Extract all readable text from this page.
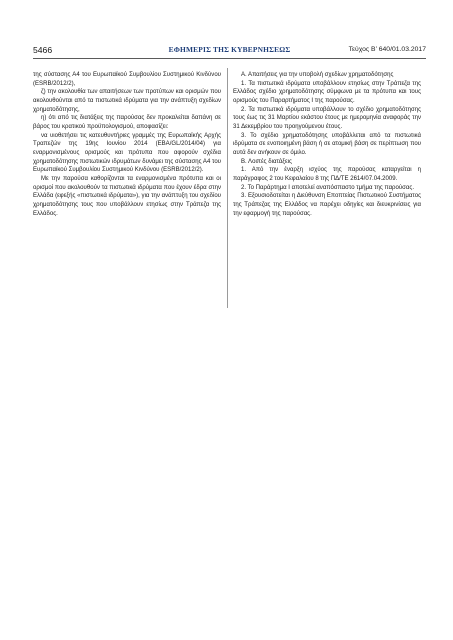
5466	ΕΦΗΜΕΡΙΣ ΤΗΣ ΚΥΒΕΡΝΗΣΕΩΣ	Τεύχος Β’ 640/01.03.2017

της σύστασης Α4 του Ευρωπαϊκού Συμβουλίου Συστημικού Κινδύνου (ESRB/2012/2),

ζ) την ακολουθία των απαιτήσεων των προτύπων και ορισμών που ακολουθούνται από τα πιστωτικά ιδρύματα για την ανάπτυξη σχεδίων χρηματοδότησης,

η) ότι από τις διατάξεις της παρούσας δεν προκαλείται δαπάνη σε βάρος του κρατικού προϋπολογισμού, αποφασίζει:

να υιοθετήσει τις κατευθυντήριες γραμμές της Ευρωπαϊκής Αρχής Τραπεζών της 19ης Ιουνίου 2014 (EBA/GL/2014/04) για εναρμονισμένους ορισμούς και πρότυπα που αφορούν σχέδια χρηματοδότησης πιστωτικών ιδρυμάτων δυνάμει της σύστασης Α4 του Ευρωπαϊκού Συμβουλίου Συστημικού Κινδύνου (ESRB/2012/2).

Με την παρούσα καθορίζονται τα εναρμονισμένα πρότυπα και οι ορισμοί που ακολουθούν τα πιστωτικά ιδρύματα που έχουν έδρα στην Ελλάδα (εφεξής «πιστωτικά ιδρύματα»), για την ανάπτυξη του σχεδίου χρηματοδότησης τους που υποβάλλουν ετησίως στην Τράπεζα της Ελλάδος.

Α. Απαιτήσεις για την υποβολή σχεδίων χρηματοδότησης

1. Τα πιστωτικά ιδρύματα υποβάλλουν ετησίως στην Τράπεζα της Ελλάδος σχέδιο χρηματοδότησης σύμφωνα με τα πρότυπα και τους ορισμούς του Παραρτήματος Ι της παρούσας.

2. Τα πιστωτικά ιδρύματα υποβάλλουν το σχέδιο χρηματοδότησης τους έως τις 31 Μαρτίου εκάστου έτους με ημερομηνία αναφοράς την 31 Δεκεμβρίου του προηγούμενου έτους.

3. Το σχέδιο χρηματοδότησης υποβάλλεται από τα πιστωτικά ιδρύματα σε ενοποιημένη βάση ή σε ατομική βάση σε περίπτωση που αυτά δεν ανήκουν σε όμιλο.

Β. Λοιπές διατάξεις

1. Από την έναρξη ισχύος της παρούσας καταργείται η παράγραφος 2 του Κεφαλαίου 8 της ΠΔ/ΤΕ 2614/07.04.2009.

2. Το Παράρτημα Ι αποτελεί αναπόσπαστο τμήμα της παρούσας.

3. Εξουσιοδοτείται η Διεύθυνση Εποπτείας Πιστωτικού Συστήματος της Τράπεζας της Ελλάδος να παρέχει οδηγίες και διευκρινίσεις για την εφαρμογή της παρούσας.
